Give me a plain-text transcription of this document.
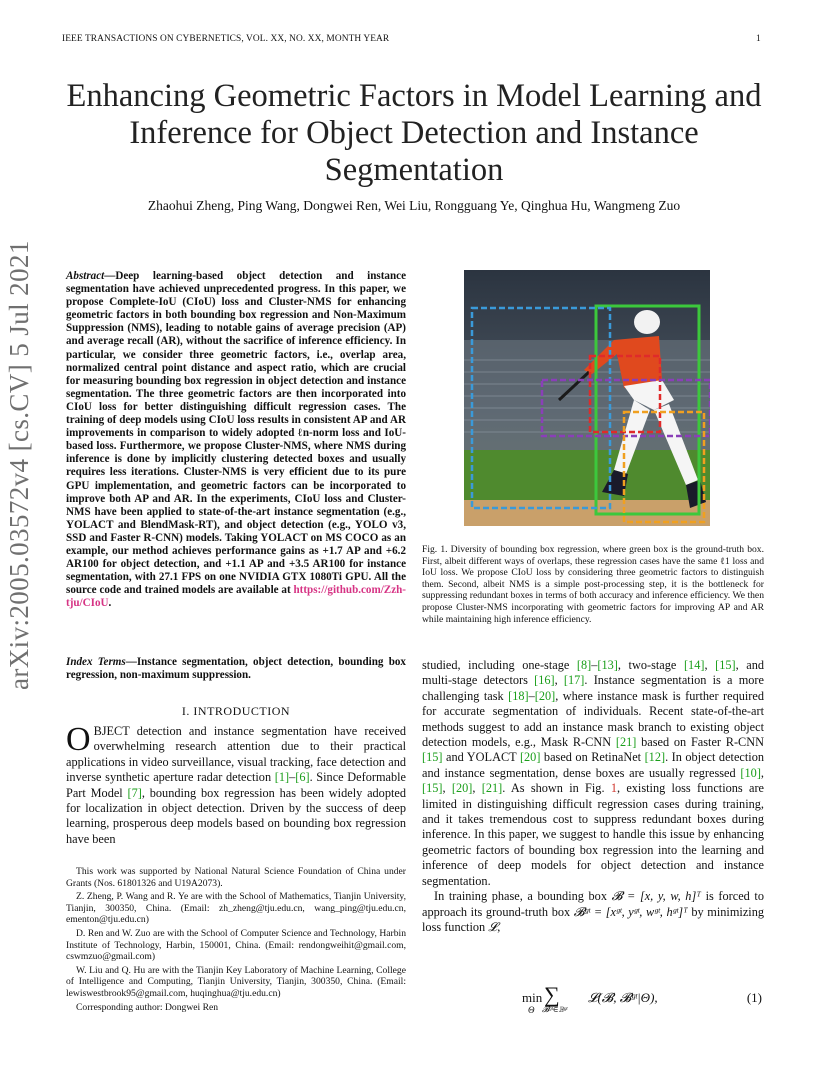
IEEE TRANSACTIONS ON CYBERNETICS, VOL. XX, NO. XX, MONTH YEAR	1
Enhancing Geometric Factors in Model Learning and Inference for Object Detection and Instance Segmentation
Zhaohui Zheng, Ping Wang, Dongwei Ren, Wei Liu, Rongguang Ye, Qinghua Hu, Wangmeng Zuo
arXiv:2005.03572v4 [cs.CV] 5 Jul 2021	Abstract—Deep learning-based object detection and instance segmentation have achieved unprecedented progress. In this paper, we propose Complete-IoU (CIoU) loss and Cluster-NMS for enhancing geometric factors in both bounding box regression and Non-Maximum Suppression (NMS), leading to notable gains of average precision (AP) and average recall (AR), without the sacrifice of inference efficiency. In particular, we consider three geometric factors, i.e., overlap area, normalized central point distance and aspect ratio, which are crucial for measuring bounding box regression in object detection and instance segmentation. The three geometric factors are then incorporated into CIoU loss for better distinguishing difficult regression cases. The training of deep models using CIoU loss results in consistent AP and AR improvements in comparison to widely adopted ℓn-norm loss and IoU-based loss. Furthermore, we propose Cluster-NMS, where NMS during inference is done by implicitly clustering detected boxes and usually requires less iterations. Cluster-NMS is very efficient due to its pure GPU implementation, and geometric factors can be incorporated to improve both AP and AR. In the experiments, CIoU loss and Cluster-NMS have been applied to state-of-the-art instance segmentation (e.g., YOLACT and BlendMask-RT), and object detection (e.g., YOLO v3, SSD and Faster R-CNN) models. Taking YOLACT on MS COCO as an example, our method achieves performance gains as +1.7 AP and +6.2 AR100 for object detection, and +1.1 AP and +3.5 AR100 for instance segmentation, with 27.1 FPS on one NVIDIA GTX 1080Ti GPU. All the source code and trained models are available at https://github.com/Zzh-tju/CIoU.
Index Terms—Instance segmentation, object detection, bounding box regression, non-maximum suppression.
I. INTRODUCTION
OBJECT detection and instance segmentation have received overwhelming research attention due to their practical applications in video surveillance, visual tracking, face detection and inverse synthetic aperture radar detection [1]–[6]. Since Deformable Part Model [7], bounding box regression has been widely adopted for localization in object detection. Driven by the success of deep learning, prosperous deep models based on bounding box regression have been

This work was supported by National Natural Science Foundation of China under Grants (Nos. 61801326 and U19A2073).

Z. Zheng, P. Wang and R. Ye are with the School of Mathematics, Tianjin University, Tianjin, 300350, China. (Email: zh_zheng@tju.edu.cn, wang_ping@tju.edu.cn, ementon@tju.edu.cn)

D. Ren and W. Zuo are with the School of Computer Science and Technology, Harbin Institute of Technology, Harbin, 150001, China. (Email: rendongweihit@gmail.com, cswmzuo@gmail.com)

W. Liu and Q. Hu are with the Tianjin Key Laboratory of Machine Learning, College of Intelligence and Computing, Tianjin University, Tianjin, 300350, China. (Email: lewiswestbrook95@gmail.com, huqinghua@tju.edu.cn)

Corresponding author: Dongwei Ren

Fig. 1. Diversity of bounding box regression, where green box is the ground-truth box. First, albeit different ways of overlaps, these regression cases have the same ℓ1 loss and IoU loss. We propose CIoU loss by considering three geometric factors to distinguish them. Second, albeit NMS is a simple post-processing step, it is the bottleneck for suppressing redundant boxes in terms of both accuracy and inference efficiency. We then propose Cluster-NMS incorporating with geometric factors for improving AP and AR while maintaining high inference efficiency.

studied, including one-stage [8]–[13], two-stage [14], [15], and multi-stage detectors [16], [17]. Instance segmentation is a more challenging task [18]–[20], where instance mask is further required for accurate segmentation of individuals. Recent state-of-the-art methods suggest to add an instance mask branch to existing object detection models, e.g., Mask R-CNN [21] based on Faster R-CNN [15] and YOLACT [20] based on RetinaNet [12]. In object detection and instance segmentation, dense boxes are usually regressed [10], [15], [20], [21]. As shown in Fig. 1, existing loss functions are limited in distinguishing difficult regression cases during training, and it takes tremendous cost to suppress redundant boxes during inference. In this paper, we suggest to handle this issue by enhancing geometric factors of bounding box regression into the learning and inference of deep models for object detection and instance segmentation.

In training phase, a bounding box 𝓑 = [x, y, w, h]ᵀ is forced to approach its ground-truth box 𝓑ᵍᵗ = [xᵍᵗ, yᵍᵗ, wᵍᵗ, hᵍᵗ]ᵀ by minimizing loss function 𝓛,

min
Θ
∑
𝓑ᵍᵗ∈𝔹ᵍᵗ
𝓛(𝓑, 𝓑ᵍᵗ|Θ),	(1)
